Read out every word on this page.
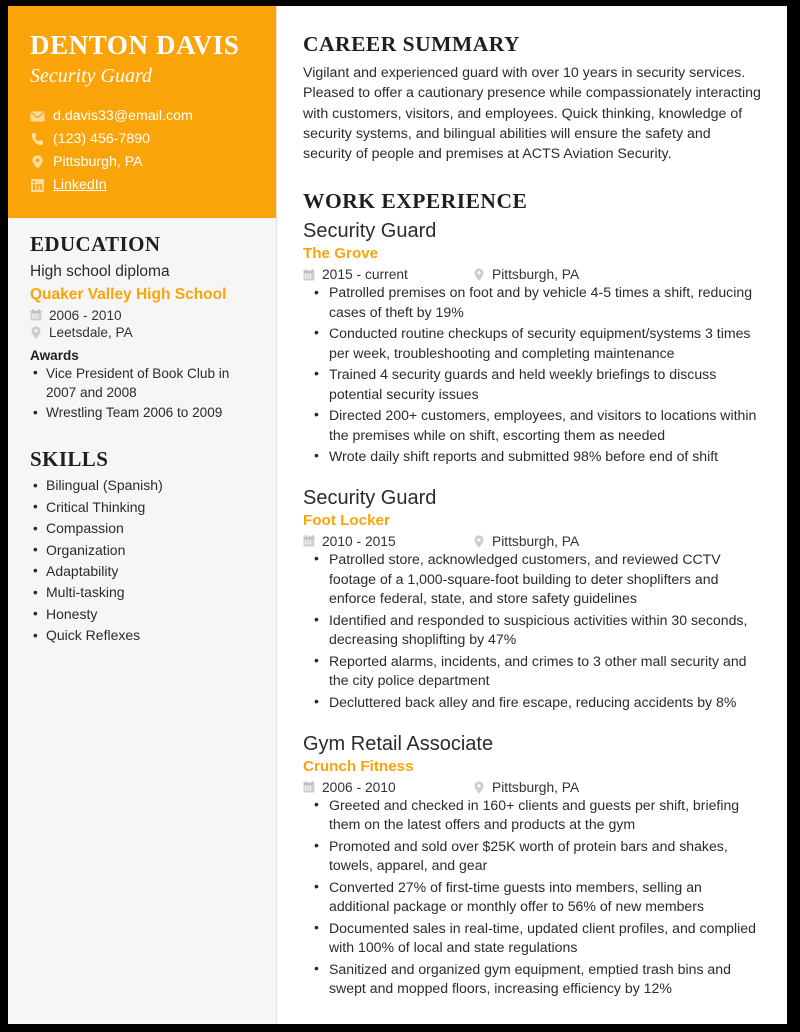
DENTON DAVIS
Security Guard
d.davis33@email.com
(123) 456-7890
Pittsburgh, PA
LinkedIn
EDUCATION
High school diploma
Quaker Valley High School
2006 - 2010
Leetsdale, PA
Awards
• Vice President of Book Club in 2007 and 2008
• Wrestling Team 2006 to 2009
SKILLS
• Bilingual (Spanish)
• Critical Thinking
• Compassion
• Organization
• Adaptability
• Multi-tasking
• Honesty
• Quick Reflexes
CAREER SUMMARY

Vigilant and experienced guard with over 10 years in security services. Pleased to offer a cautionary presence while compassionately interacting with customers, visitors, and employees. Quick thinking, knowledge of security systems, and bilingual abilities will ensure the safety and security of people and premises at ACTS Aviation Security.

WORK EXPERIENCE
Security Guard
The Grove
2015 - current	Pittsburgh, PA
• Patrolled premises on foot and by vehicle 4-5 times a shift, reducing cases of theft by 19%
• Conducted routine checkups of security equipment/systems 3 times per week, troubleshooting and completing maintenance
• Trained 4 security guards and held weekly briefings to discuss potential security issues
• Directed 200+ customers, employees, and visitors to locations within the premises while on shift, escorting them as needed
• Wrote daily shift reports and submitted 98% before end of shift
Security Guard
Foot Locker
2010 - 2015	Pittsburgh, PA
• Patrolled store, acknowledged customers, and reviewed CCTV footage of a 1,000-square-foot building to deter shoplifters and enforce federal, state, and store safety guidelines
• Identified and responded to suspicious activities within 30 seconds, decreasing shoplifting by 47%
• Reported alarms, incidents, and crimes to 3 other mall security and the city police department
• Decluttered back alley and fire escape, reducing accidents by 8%
Gym Retail Associate
Crunch Fitness
2006 - 2010	Pittsburgh, PA
• Greeted and checked in 160+ clients and guests per shift, briefing them on the latest offers and products at the gym
• Promoted and sold over $25K worth of protein bars and shakes, towels, apparel, and gear
• Converted 27% of first-time guests into members, selling an additional package or monthly offer to 56% of new members
• Documented sales in real-time, updated client profiles, and complied with 100% of local and state regulations
• Sanitized and organized gym equipment, emptied trash bins and swept and mopped floors, increasing efficiency by 12%
